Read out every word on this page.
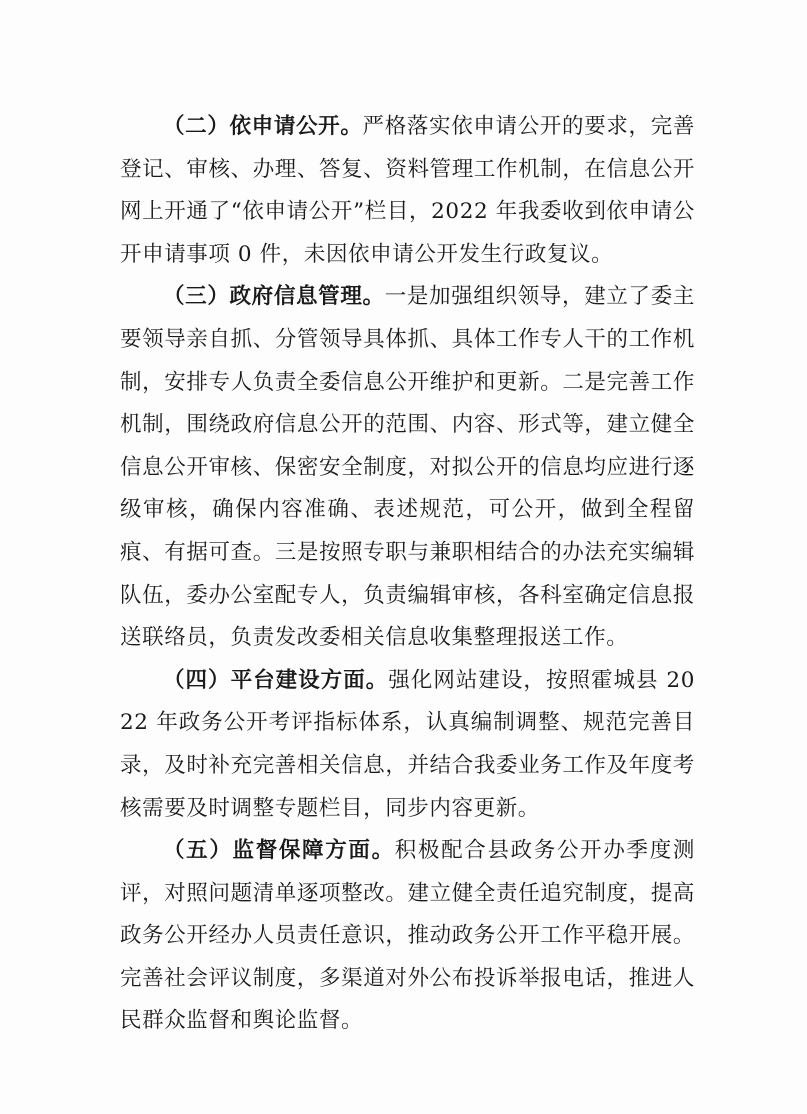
（二）依申请公开。严格落实依申请公开的要求，完善登记、审核、办理、答复、资料管理工作机制，在信息公开网上开通了“依申请公开”栏目，2022 年我委收到依申请公开申请事项 0 件，未因依申请公开发生行政复议。

（三）政府信息管理。一是加强组织领导，建立了委主要领导亲自抓、分管领导具体抓、具体工作专人干的工作机制，安排专人负责全委信息公开维护和更新。二是完善工作机制，围绕政府信息公开的范围、内容、形式等，建立健全信息公开审核、保密安全制度，对拟公开的信息均应进行逐级审核，确保内容准确、表述规范，可公开，做到全程留痕、有据可查。三是按照专职与兼职相结合的办法充实编辑队伍，委办公室配专人，负责编辑审核，各科室确定信息报送联络员，负责发改委相关信息收集整理报送工作。

（四）平台建设方面。强化网站建设，按照霍城县 2022 年政务公开考评指标体系，认真编制调整、规范完善目录，及时补充完善相关信息，并结合我委业务工作及年度考核需要及时调整专题栏目，同步内容更新。

（五）监督保障方面。积极配合县政务公开办季度测评，对照问题清单逐项整改。建立健全责任追究制度，提高政务公开经办人员责任意识，推动政务公开工作平稳开展。完善社会评议制度，多渠道对外公布投诉举报电话，推进人民群众监督和舆论监督。
